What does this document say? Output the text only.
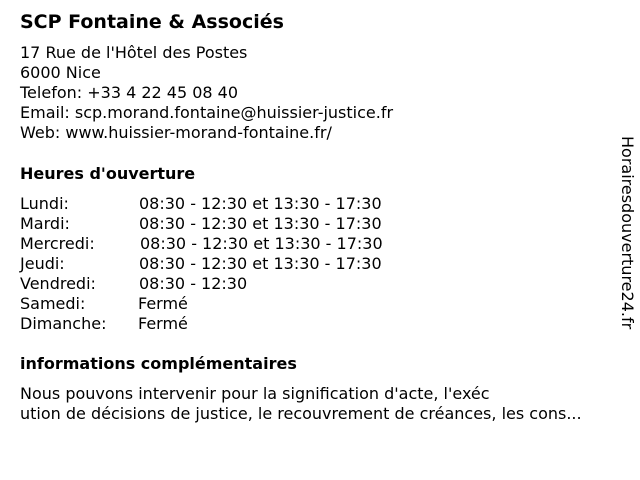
SCP Fontaine & Associés
17 Rue de l'Hôtel des Postes
6000 Nice
Telefon: +33 4 22 45 08 40
Email: scp.morand.fontaine@huissier-justice.fr
Web: www.huissier-morand-fontaine.fr/
Heures d'ouverture
Lundi:	08:30 - 12:30 et 13:30 - 17:30
Mardi:	08:30 - 12:30 et 13:30 - 17:30
Mercredi:	08:30 - 12:30 et 13:30 - 17:30
Jeudi:	08:30 - 12:30 et 13:30 - 17:30
Vendredi:	08:30 - 12:30
Samedi:	Fermé
Dimanche: Fermé
informations complémentaires
Nous pouvons intervenir pour la signification d'acte, l'exéc
ution de décisions de justice, le recouvrement de créances, les cons...
Horairesdouverture24.fr
